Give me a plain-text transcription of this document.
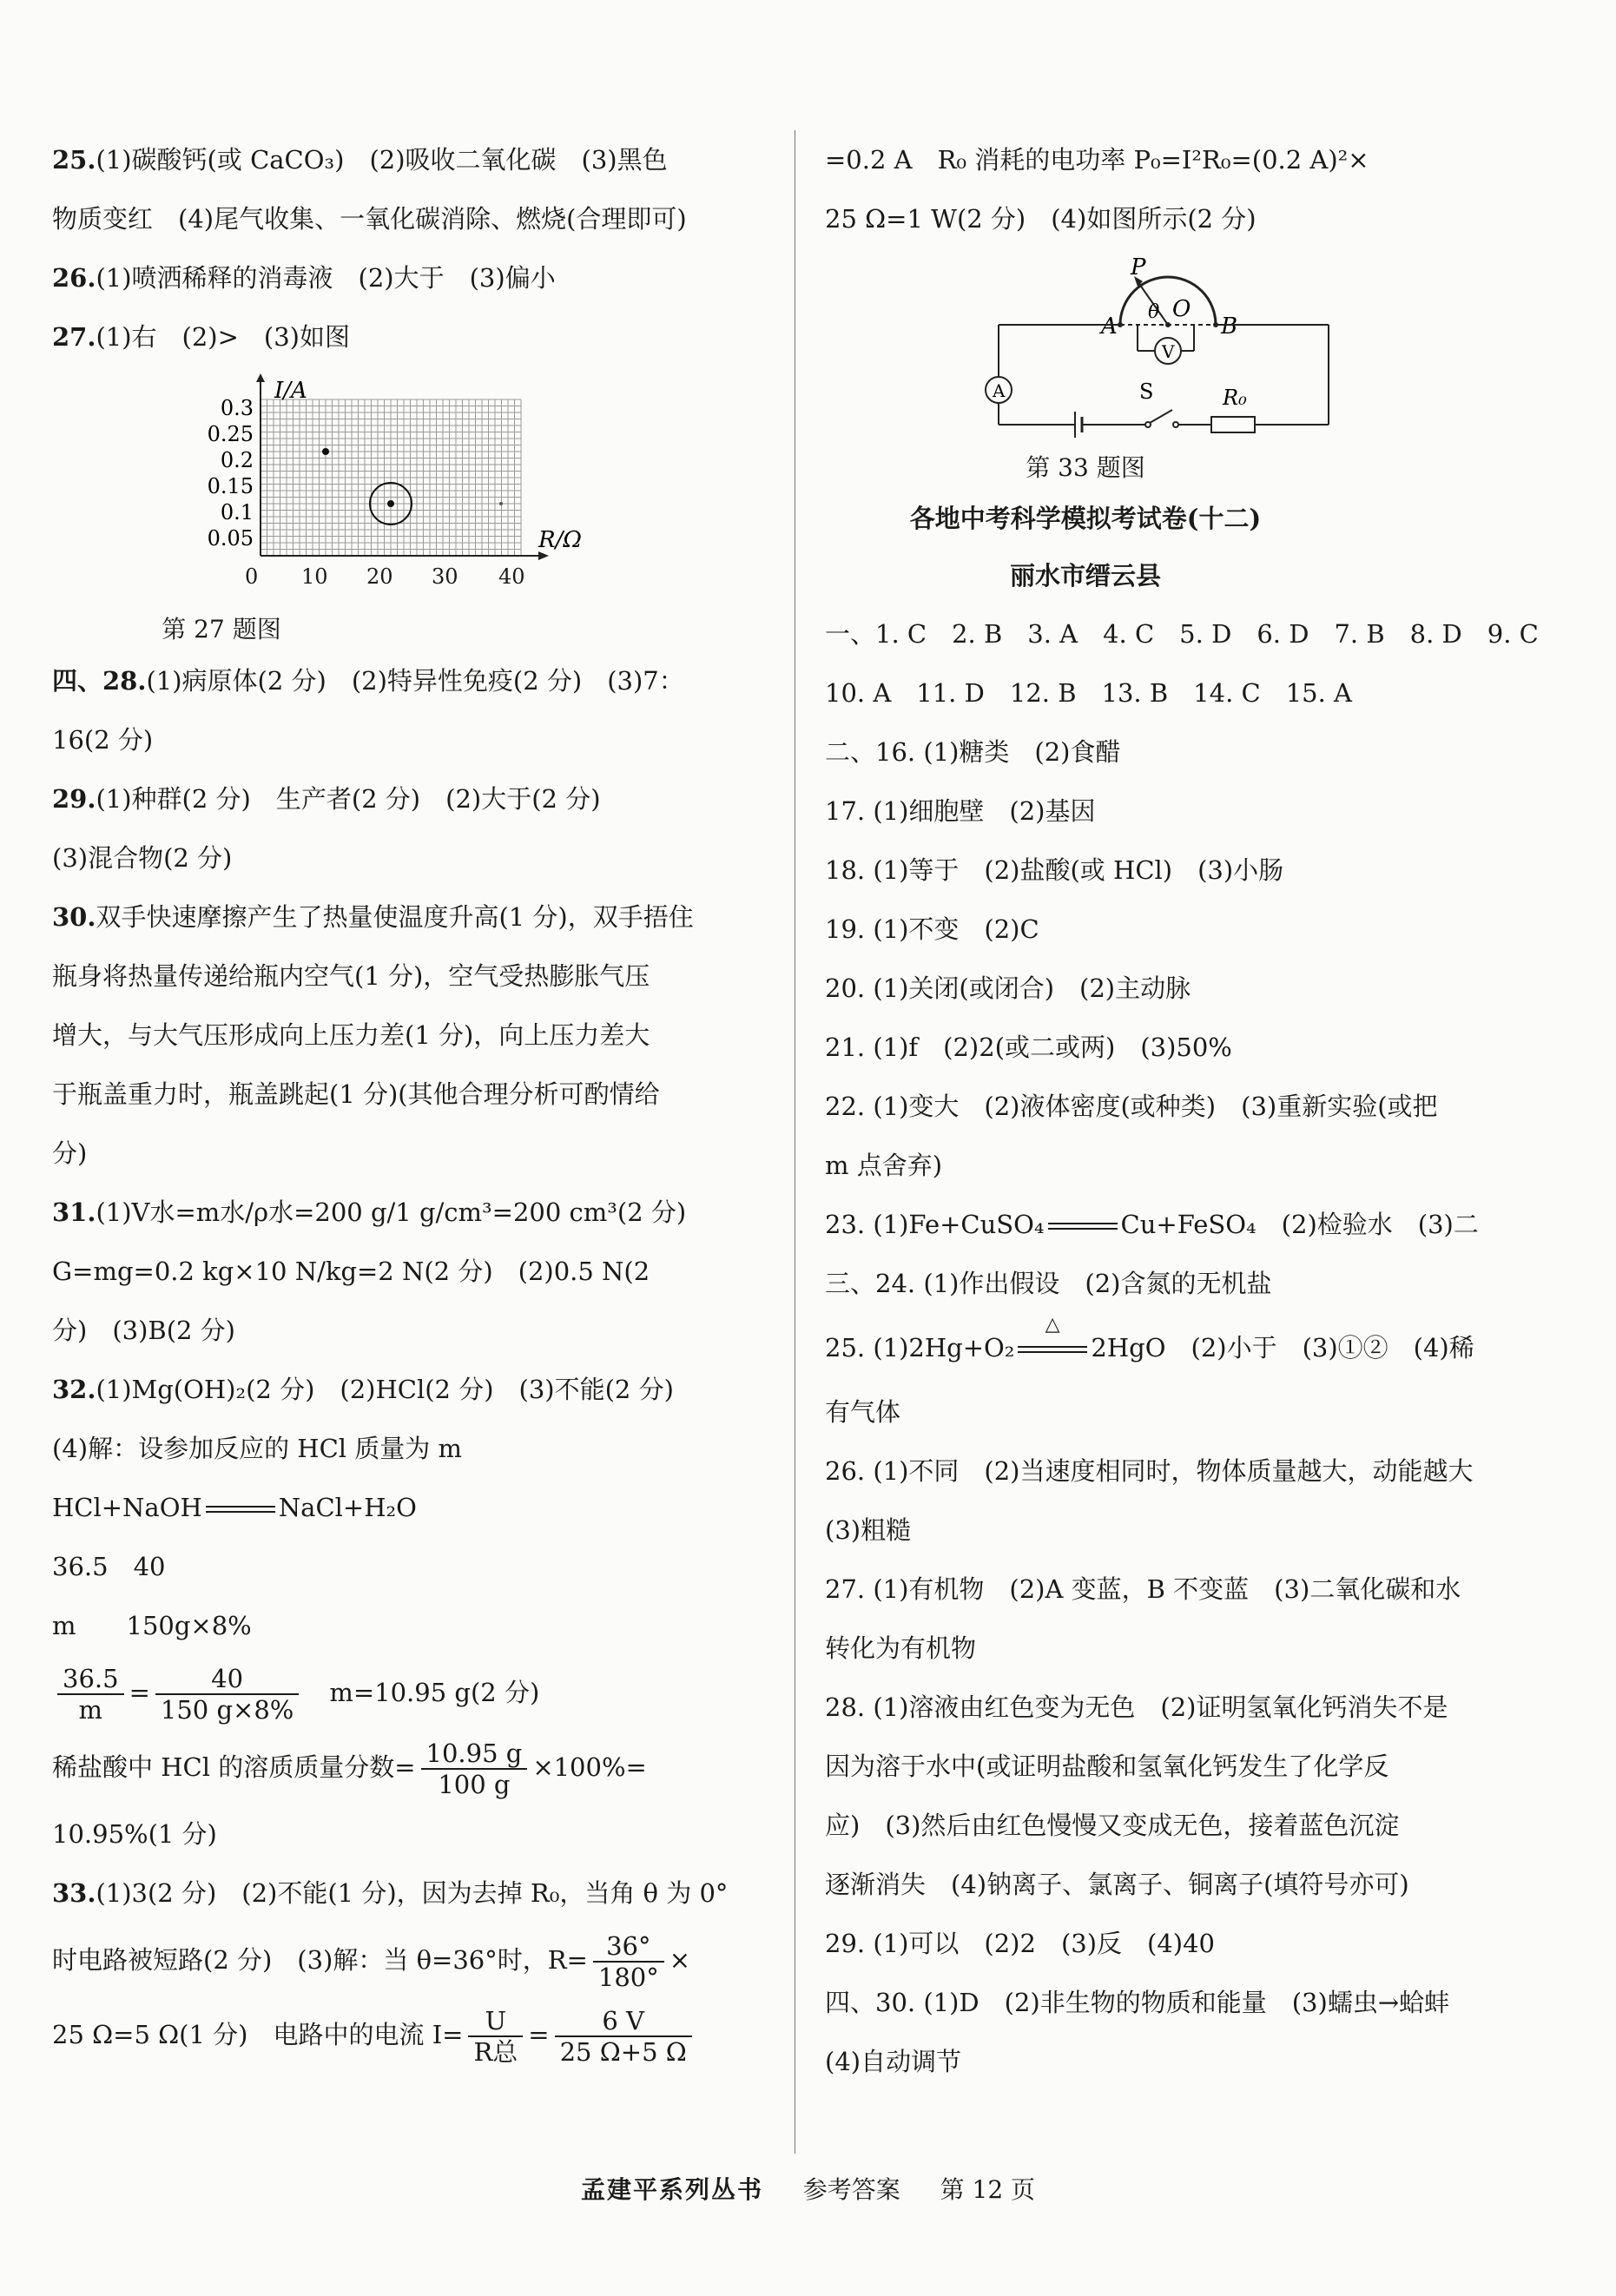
25.(1)碳酸钙(或 CaCO₃)　(2)吸收二氧化碳　(3)黑色
物质变红　(4)尾气收集、一氧化碳消除、燃烧(合理即可)
26.(1)喷洒稀释的消毒液　(2)大于　(3)偏小
27.(1)右　(2)>　(3)如图
I/A
R/Ω
0.3
0.25
0.2
0.15
0.1
0.05
0 10 20 30 40
第 27 题图
四、28.(1)病原体(2 分)　(2)特异性免疫(2 分)　(3)7：
16(2 分)
29.(1)种群(2 分)　生产者(2 分)　(2)大于(2 分)
(3)混合物(2 分)
30.双手快速摩擦产生了热量使温度升高(1 分)，双手捂住
瓶身将热量传递给瓶内空气(1 分)，空气受热膨胀气压
增大，与大气压形成向上压力差(1 分)，向上压力差大
于瓶盖重力时，瓶盖跳起(1 分)(其他合理分析可酌情给
分)
31.(1)V水=m水/ρ水=200 g/1 g/cm³=200 cm³(2 分)
G=mg=0.2 kg×10 N/kg=2 N(2 分)　(2)0.5 N(2
分)　(3)B(2 分)
32.(1)Mg(OH)₂(2 分)　(2)HCl(2 分)　(3)不能(2 分)
(4)解：设参加反应的 HCl 质量为 m
HCl+NaOH	NaCl+H₂O
36.5　40
m　　150g×8%
$\frac{36.5}{m} = \frac{40}{150 g\times 8\%}$
　 m=10.95 g(2 分)
稀盐酸中 HCl 的溶质质量分数= $\frac{10.95 g}{100 g} \times 100\%=$
10.95%(1 分)
33.(1)3(2 分)　(2)不能(1 分)，因为去掉 R₀，当角 θ 为 0°
时电路被短路(2 分)　(3)解：当 θ=36°时，$R= \frac{36^\circ}{180^\circ}$ ×
25 Ω=5 Ω(1 分)　电路中的电流 $I= \frac{U}{\text{R总}} = \frac{6 V}{25 \Omega+5 \Omega}$
=0.2 A　R₀ 消耗的电功率 P₀=I²R₀=(0.2 A)²×
25 Ω=1 W(2 分)　(4)如图所示(2 分)
P
A
θ O
B
V
A	S	R₀
第 33 题图
各地中考科学模拟考试卷(十二)
丽水市缙云县
一、1. C　2. B　3. A　4. C　5. D　6. D　7. B　8. D　9. C
10. A　11. D　12. B　13. B　14. C　15. A
二、16. (1)糖类　(2)食醋
17. (1)细胞壁　(2)基因
18. (1)等于　(2)盐酸(或 HCl)　(3)小肠
19. (1)不变　(2)C
20. (1)关闭(或闭合)　(2)主动脉
21. (1)f　(2)2(或二或两)　(3)50%
22. (1)变大　(2)液体密度(或种类)　(3)重新实验(或把
m 点舍弃)
23. (1)Fe+CuSO₄	Cu+FeSO₄　(2)检验水　(3)二
三、24. (1)作出假设　(2)含氮的无机盐
25. (1)2Hg+O₂
△
2HgO　(2)小于　(3)①②　(4)稀
有气体
26. (1)不同　(2)当速度相同时，物体质量越大，动能越大
(3)粗糙
27. (1)有机物　(2)A 变蓝，B 不变蓝　(3)二氧化碳和水
转化为有机物
28. (1)溶液由红色变为无色　(2)证明氢氧化钙消失不是
因为溶于水中(或证明盐酸和氢氧化钙发生了化学反
应)　(3)然后由红色慢慢又变成无色，接着蓝色沉淀
逐渐消失　(4)钠离子、氯离子、铜离子(填符号亦可)
29. (1)可以　(2)2　(3)反　(4)40
四、30. (1)D　(2)非生物的物质和能量　(3)蠕虫→蛤蚌
(4)自动调节
孟建平系列丛书 　 参考答案 　 第 12 页
